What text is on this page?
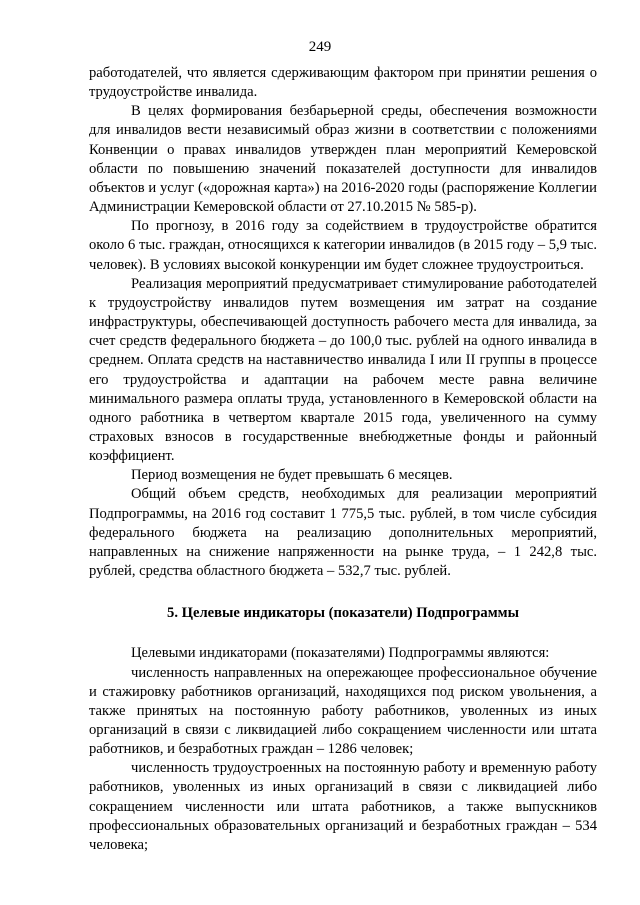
249

работодателей, что является сдерживающим фактором при принятии решения о трудоустройстве инвалида.

В целях формирования безбарьерной среды, обеспечения возможности для инвалидов вести независимый образ жизни в соответствии с положениями Конвенции о правах инвалидов утвержден план мероприятий Кемеровской области по повышению значений показателей доступности для инвалидов объектов и услуг («дорожная карта») на 2016-2020 годы (распоряжение Коллегии Администрации Кемеровской области от 27.10.2015 № 585-р).

По прогнозу, в 2016 году за содействием в трудоустройстве обратится около 6 тыс. граждан, относящихся к категории инвалидов (в 2015 году – 5,9 тыс. человек). В условиях высокой конкуренции им будет сложнее трудоустроиться.

Реализация мероприятий предусматривает стимулирование работодателей к трудоустройству инвалидов путем возмещения им затрат на создание инфраструктуры, обеспечивающей доступность рабочего места для инвалида, за счет средств федерального бюджета – до 100,0 тыс. рублей на одного инвалида в среднем. Оплата средств на наставничество инвалида I или II группы в процессе его трудоустройства и адаптации на рабочем месте равна величине минимального размера оплаты труда, установленного в Кемеровской области на одного работника в четвертом квартале 2015 года, увеличенного на сумму страховых взносов в государственные внебюджетные фонды и районный коэффициент.

Период возмещения не будет превышать 6 месяцев.

Общий объем средств, необходимых для реализации мероприятий Подпрограммы, на 2016 год составит 1 775,5 тыс. рублей, в том числе субсидия федерального бюджета на реализацию дополнительных мероприятий, направленных на снижение напряженности на рынке труда, – 1 242,8 тыс. рублей, средства областного бюджета – 532,7 тыс. рублей.

5. Целевые индикаторы (показатели) Подпрограммы

Целевыми индикаторами (показателями) Подпрограммы являются:

численность направленных на опережающее профессиональное обучение и стажировку работников организаций, находящихся под риском увольнения, а также принятых на постоянную работу работников, уволенных из иных организаций в связи с ликвидацией либо сокращением численности или штата работников, и безработных граждан – 1286 человек;

численность трудоустроенных на постоянную работу и временную работу работников, уволенных из иных организаций в связи с ликвидацией либо сокращением численности или штата работников, а также выпускников профессиональных образовательных организаций и безработных граждан – 534 человека;
